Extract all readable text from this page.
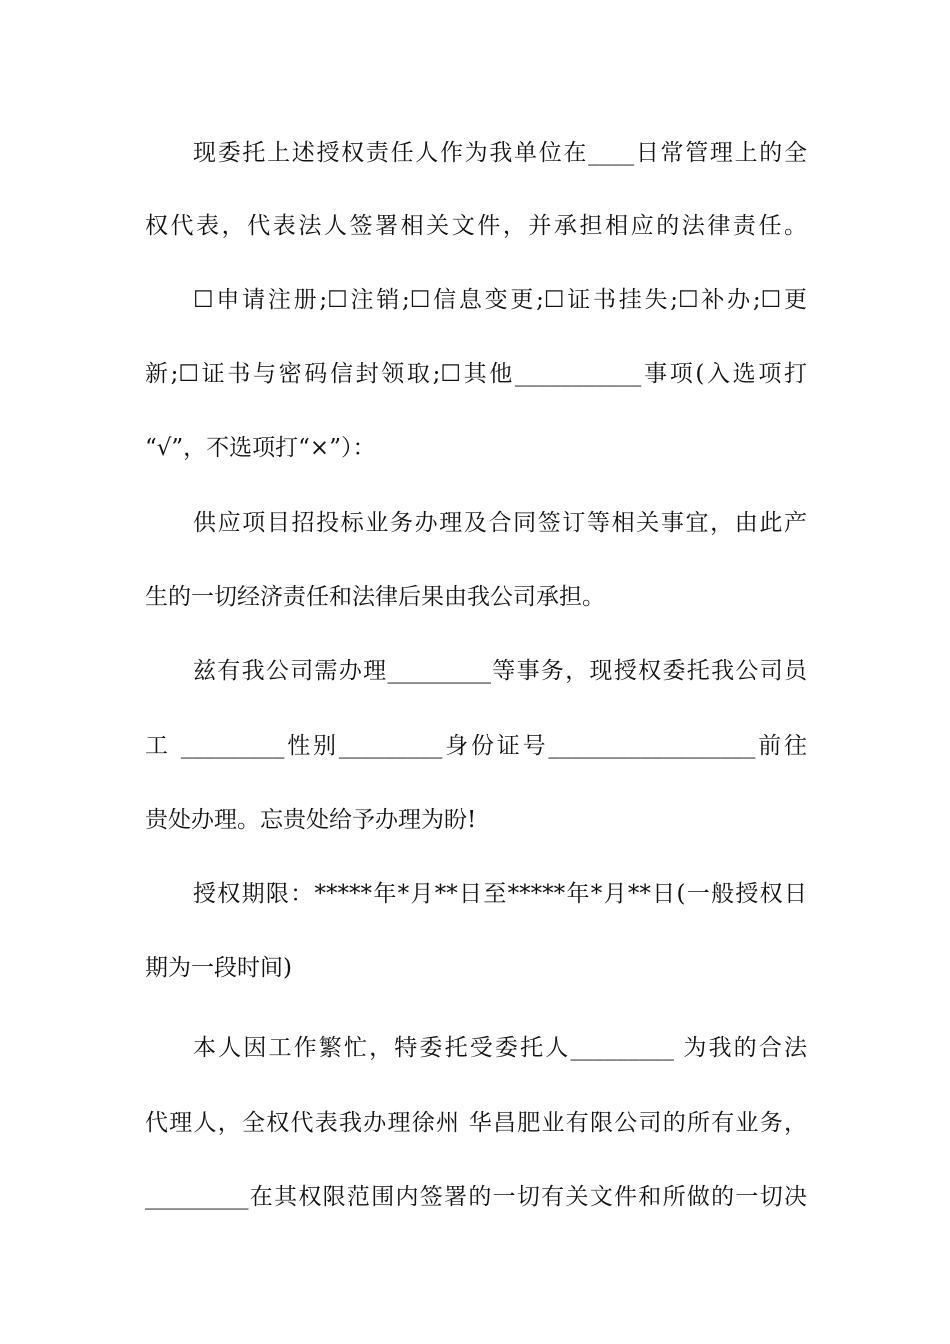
现委托上述授权责任人作为我单位在____日常管理上的全
权代表，代表法人签署相关文件，并承担相应的法律责任。
☐申请注册;☐注销;☐信息变更;☐证书挂失;☐补办;☐更
新;☐证书与密码信封领取;☐其他___________事项(入选项打
“√”，不选项打“×”）：
供应项目招投标业务办理及合同签订等相关事宜，由此产
生的一切经济责任和法律后果由我公司承担。
兹有我公司需办理_________等事务，现授权委托我公司员
工 _________性别_________身份证号__________________前往
贵处办理。忘贵处给予办理为盼!
授权期限：*****年*月**日至*****年*月**日(一般授权日
期为一段时间)
本人因工作繁忙，特委托受委托人_________ 为我的合法
代理人，全权代表我办理徐州 华昌肥业有限公司的所有业务，
_________在其权限范围内签署的一切有关文件和所做的一切决
